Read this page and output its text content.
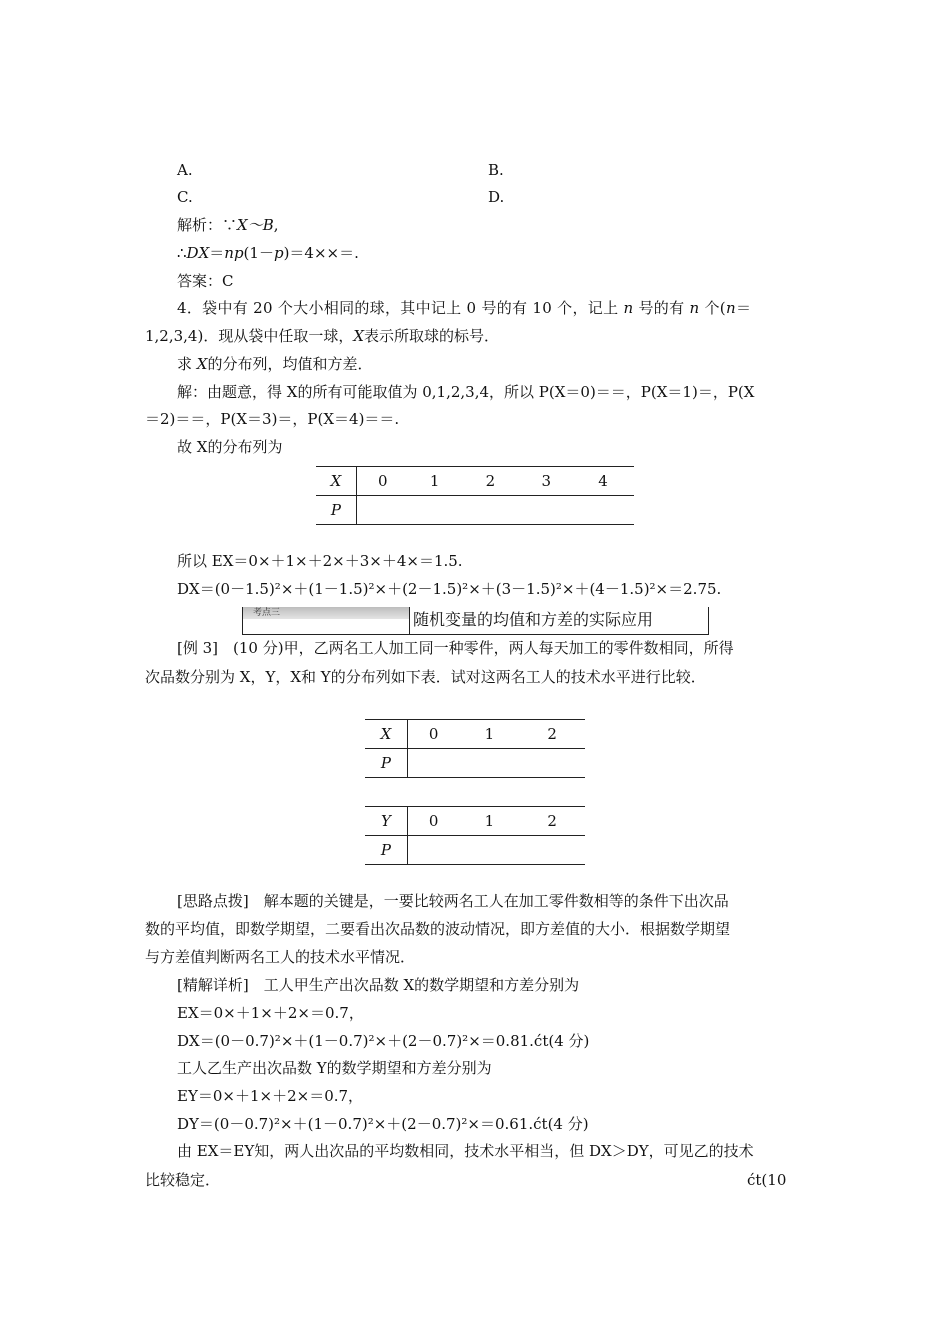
A.	B.
C.	D.
解析：∵X～B,
∴DX＝np(1－p)＝4××＝.
答案：C
4．袋中有 20 个大小相同的球，其中记上 0 号的有 10 个，记上 n 号的有 n 个(n＝
1,2,3,4)．现从袋中任取一球，X表示所取球的标号．
求 X的分布列，均值和方差．
解：由题意，得 X的所有可能取值为 0,1,2,3,4，所以 P(X＝0)＝＝，P(X＝1)＝，P(X
＝2)＝＝，P(X＝3)＝，P(X＝4)＝＝.
故 X的分布列为
X	0	1	2	3	4
P					
所以 EX＝0×＋1×＋2×＋3×＋4×＝1.5.
DX＝(0－1.5)²×＋(1－1.5)²×＋(2－1.5)²×＋(3－1.5)²×＋(4－1.5)²×＝2.75.
考点三	随机变量的均值和方差的实际应用
[例 3]　(10 分)甲，乙两名工人加工同一种零件，两人每天加工的零件数相同，所得
次品数分别为 X，Y，X和 Y的分布列如下表．试对这两名工人的技术水平进行比较．
X	0	1	2
P			
Y	0	1	2
P			
[思路点拨]　解本题的关键是，一要比较两名工人在加工零件数相等的条件下出次品
数的平均值，即数学期望，二要看出次品数的波动情况，即方差值的大小．根据数学期望
与方差值判断两名工人的技术水平情况．
[精解详析]　工人甲生产出次品数 X的数学期望和方差分别为
EX＝0×＋1×＋2×＝0.7，
DX＝(0－0.7)²×＋(1－0.7)²×＋(2－0.7)²×＝0.81.ćt(4 分)
工人乙生产出次品数 Y的数学期望和方差分别为
EY＝0×＋1×＋2×＝0.7，
DY＝(0－0.7)²×＋(1－0.7)²×＋(2－0.7)²×＝0.61.ćt(4 分)
由 EX＝EY知，两人出次品的平均数相同，技术水平相当，但 DX＞DY，可见乙的技术
比较稳定．	ćt(10
